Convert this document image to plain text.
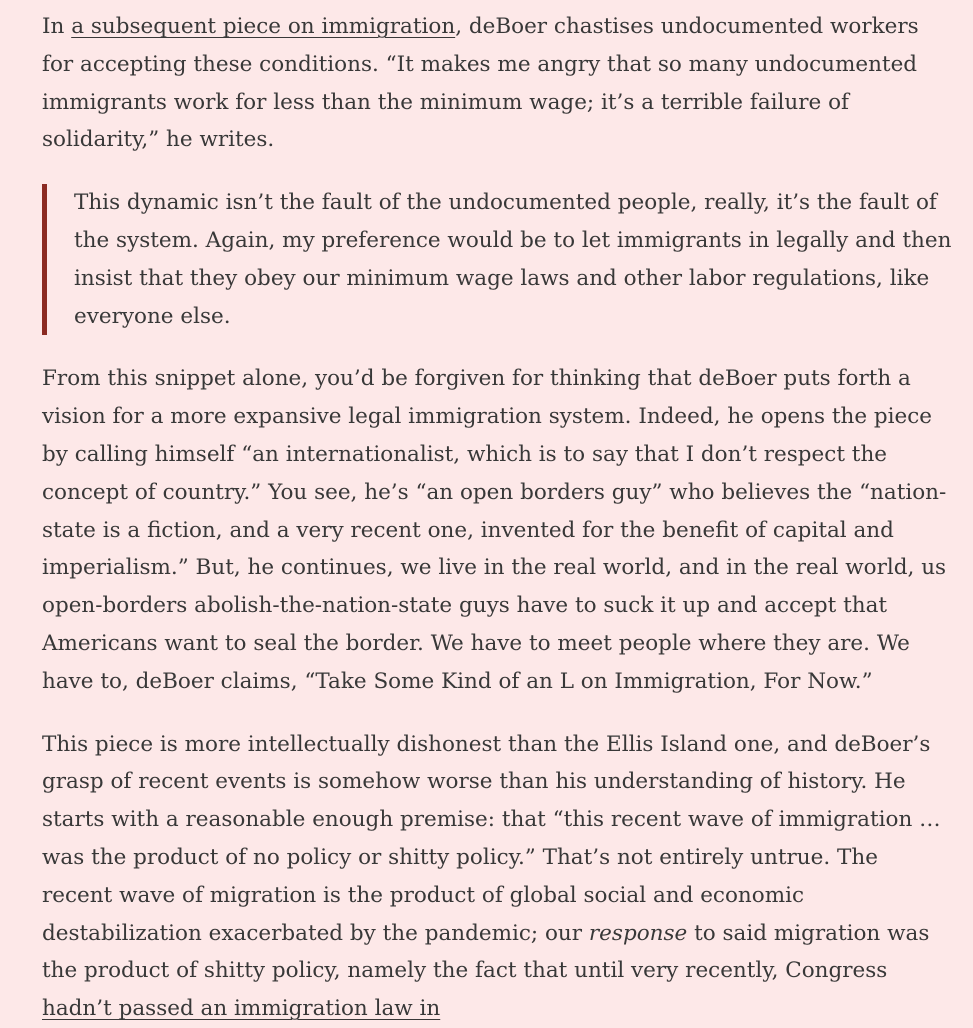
In a subsequent piece on immigration, deBoer chastises undocumented workers for accepting these conditions. “It makes me angry that so many undocumented immigrants work for less than the minimum wage; it’s a terrible failure of solidarity,” he writes.

This dynamic isn’t the fault of the undocumented people, really, it’s the fault of the system. Again, my preference would be to let immigrants in legally and then insist that they obey our minimum wage laws and other labor regulations, like everyone else.

From this snippet alone, you’d be forgiven for thinking that deBoer puts forth a vision for a more expansive legal immigration system. Indeed, he opens the piece by calling himself “an internationalist, which is to say that I don’t respect the concept of country.” You see, he’s “an open borders guy” who believes the “nation-state is a fiction, and a very recent one, invented for the benefit of capital and imperialism.” But, he continues, we live in the real world, and in the real world, us open-borders abolish-the-nation-state guys have to suck it up and accept that Americans want to seal the border. We have to meet people where they are. We have to, deBoer claims, “Take Some Kind of an L on Immigration, For Now.”

This piece is more intellectually dishonest than the Ellis Island one, and deBoer’s grasp of recent events is somehow worse than his understanding of history. He starts with a reasonable enough premise: that “this recent wave of immigration … was the product of no policy or shitty policy.” That’s not entirely untrue. The recent wave of migration is the product of global social and economic destabilization exacerbated by the pandemic; our response to said migration was the product of shitty policy, namely the fact that until very recently, Congress hadn’t passed an immigration law in
